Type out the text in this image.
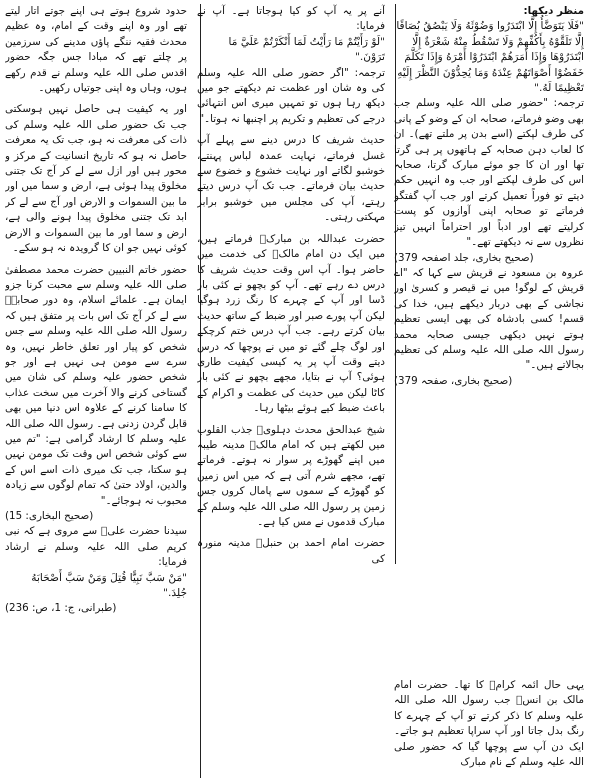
منظر دیکھا:

"فَلَا يَتَوَضَّأُ إِلَّا ابْتَدَرُوا وَضُوْئَهُ وَلَا يَبْصُقُ بُصَاقًا إِلَّا تَلَقَّوْهُ بِأَكُفِّهِمْ وَلَا تَسْقُطُ مِنْهُ شَعْرَةٌ إِلَّا ابْتَدَرُوْهَا وَإِذَا أَمَرَهُمْ ابْتَدَرُوْا أَمْرَهُ وَإِذَا تَكَلَّمَ خَفَضُوْا أَصْوَاتَهُمْ عِنْدَهُ وَمَا يُحِدُّوْنَ النَّظْرَ إِلَيْهِ تَعْظِيمًا لَهُ."

ترجمہ: "حضور صلی اللہ علیہ وسلم جب بھی وضو فرماتے، صحابہ ان کے وضو کے پانی کی طرف لپکتے (اسے بدن پر ملتے تھے)۔ ان کا لعاب دہن صحابہ کے ہاتھوں پر ہی گرتا تھا اور ان کا جو موئے مبارک گرتا، صحابہ اس کی طرف لپکتے اور جب وہ انہیں حکم دیتے تو فوراً تعمیل کرتے اور جب آپ گفتگو فرماتے تو صحابہ اپنی آوازوں کو پست کرلیتے تھے اور ادباً اور احتراماً انہیں تیز نظروں سے نہ دیکھتے تھے۔"

(صحیح بخاری، جلد اصفحہ 379)

عروہ بن مسعود نے قریش سے کہا کہ "اے قریش کے لوگو! میں نے قیصر و کسریٰ اور نجاشی کے بھی دربار دیکھے ہیں، خدا کی قسم! کسی بادشاہ کی بھی ایسی تعظیم ہوتے نہیں دیکھی جیسی صحابہ محمد رسول اللہ صلی اللہ علیہ وسلم کی تعظیم بجالاتے ہیں۔"

(صحیح بخاری، صفحہ 379)

یہی حال ائمہ کرامؒ کا تھا۔ حضرت امام مالک بن انسؒ جب رسول اللہ صلی اللہ علیہ وسلم کا ذکر کرتے تو آپ کے چہرے کا رنگ بدل جاتا اور آپ سراپا تعظیم ہو جاتے۔ ایک دن آپ سے پوچھا گیا کہ حضور صلی اللہ علیہ وسلم کے نام مبارک

آنے پر یہ آپ کو کیا ہوجاتا ہے۔ آپ نے فرمایا:

"لَوْ رَأَيْتُمْ مَا رَأَيْتُ لَمَا أَنْكَرْتُمْ عَلَيَّ مَا تَرَوْنَ."

ترجمہ: "اگر حضور صلی اللہ علیہ وسلم کی وہ شان اور عظمت تم دیکھتے جو میں دیکھ رہا ہوں تو تمہیں میری اس انتہائی درجے کی تعظیم و تکریم پر اچنبھا نہ ہوتا۔"

حدیث شریف کا درس دینے سے پہلے آپ غسل فرماتے، نہایت عمدہ لباس پہنتے، خوشبو لگاتے اور نہایت خشوع و خضوع سے حدیث بیان فرماتے۔ جب تک آپ درس دیتے رہتے، آپ کی مجلس میں خوشبو برابر مہکتی رہتی۔

حضرت عبداللہ بن مبارکؒ فرماتے ہیں، میں ایک دن امام مالکؒ کی خدمت میں حاضر ہوا۔ آپ اس وقت حدیث شریف کا درس دے رہے تھے۔ آپ کو بچھو نے کئی بار ڈسا اور آپ کے چہرے کا رنگ زرد ہوگیا لیکن آپ پورے صبر اور ضبط کے ساتھ حدیث بیان کرتے رہے۔ جب آپ درس ختم کرچکے اور لوگ چلے گئے تو میں نے پوچھا کہ درس دیتے وقت آپ پر یہ کیسی کیفیت طاری ہوئی؟ آپ نے بتایا، مجھے بچھو نے کئی بار کاٹا لیکن میں حدیث کی عظمت و اکرام کے باعث ضبط کیے ہوئے بیٹھا رہا۔

شیخ عبدالحق محدث دہلویؒ جذب القلوب میں لکھتے ہیں کہ امام مالکؒ مدینہ طیبہ میں اپنے گھوڑے پر سوار نہ ہوتے۔ فرماتے تھے، مجھے شرم آتی ہے کہ میں اس زمین کو گھوڑے کے سموں سے پامال کروں جس زمین پر رسول اللہ صلی اللہ علیہ وسلم کے مبارک قدموں نے مس کیا ہے۔

حضرت امام احمد بن حنبلؒ مدینہ منورہ کی

حدود شروع ہوتے ہی اپنے جوتے اتار لیتے تھے اور وہ اپنے وقت کے امام، وہ عظیم محدث فقیہ ننگے پاؤں مدینے کی سرزمین پر چلتے تھے کہ مبادا جس جگہ حضور اقدس صلی اللہ علیہ وسلم نے قدم رکھے ہوں، وہاں وہ اپنی جوتیاں رکھیں۔

اور یہ کیفیت ہی حاصل نہیں ہوسکتی جب تک حضور صلی اللہ علیہ وسلم کی ذات کی معرفت نہ ہو، جب تک یہ معرفت حاصل نہ ہو کہ تاریخ انسانیت کے مرکز و محور ہیں اور ازل سے لے کر آج تک جتنی مخلوق پیدا ہوئی ہے، ارض و سما میں اور ما بین السموات و الارض اور آج سے لے کر ابد تک جتنی مخلوق پیدا ہونے والی ہے، ارض و سما اور ما بین السموات و الارض کوئی نہیں جو ان کا گرویدہ نہ ہو سکے۔

حضور خاتم النبیین حضرت محمد مصطفیٰ صلی اللہ علیہ وسلم سے محبت کرنا جزو ایمان ہے۔ علمائے اسلام، وہ دور صحابہؓ سے لے کر آج تک اس بات پر متفق ہیں کہ رسول اللہ صلی اللہ علیہ وسلم سے جس شخص کو پیار اور تعلق خاطر نہیں، وہ سرے سے مومن ہی نہیں ہے اور جو شخص حضور علیہ وسلم کی شان میں گستاخی کرنے والا آخرت میں سخت عذاب کا سامنا کرنے کے علاوہ اس دنیا میں بھی قابل گردن زدنی ہے۔ رسول اللہ صلی اللہ علیہ وسلم کا ارشاد گرامی ہے: "تم میں سے کوئی شخص اس وقت تک مومن نہیں ہو سکتا، جب تک میری ذات اسے اس کے والدین، اولاد حتیٰ کہ تمام لوگوں سے زیادہ محبوب نہ ہوجائے۔"

(صحیح البخاری: 15)

سیدنا حضرت علیؓ سے مروی ہے کہ نبی کریم صلی اللہ علیہ وسلم نے ارشاد فرمایا:

"مَنْ سَبَّ نَبِيًّا قُتِلَ وَمَنْ سَبَّ أَصْحَابَهُ جُلِدَ."

(طبرانی، ج: 1، ص: 236)
